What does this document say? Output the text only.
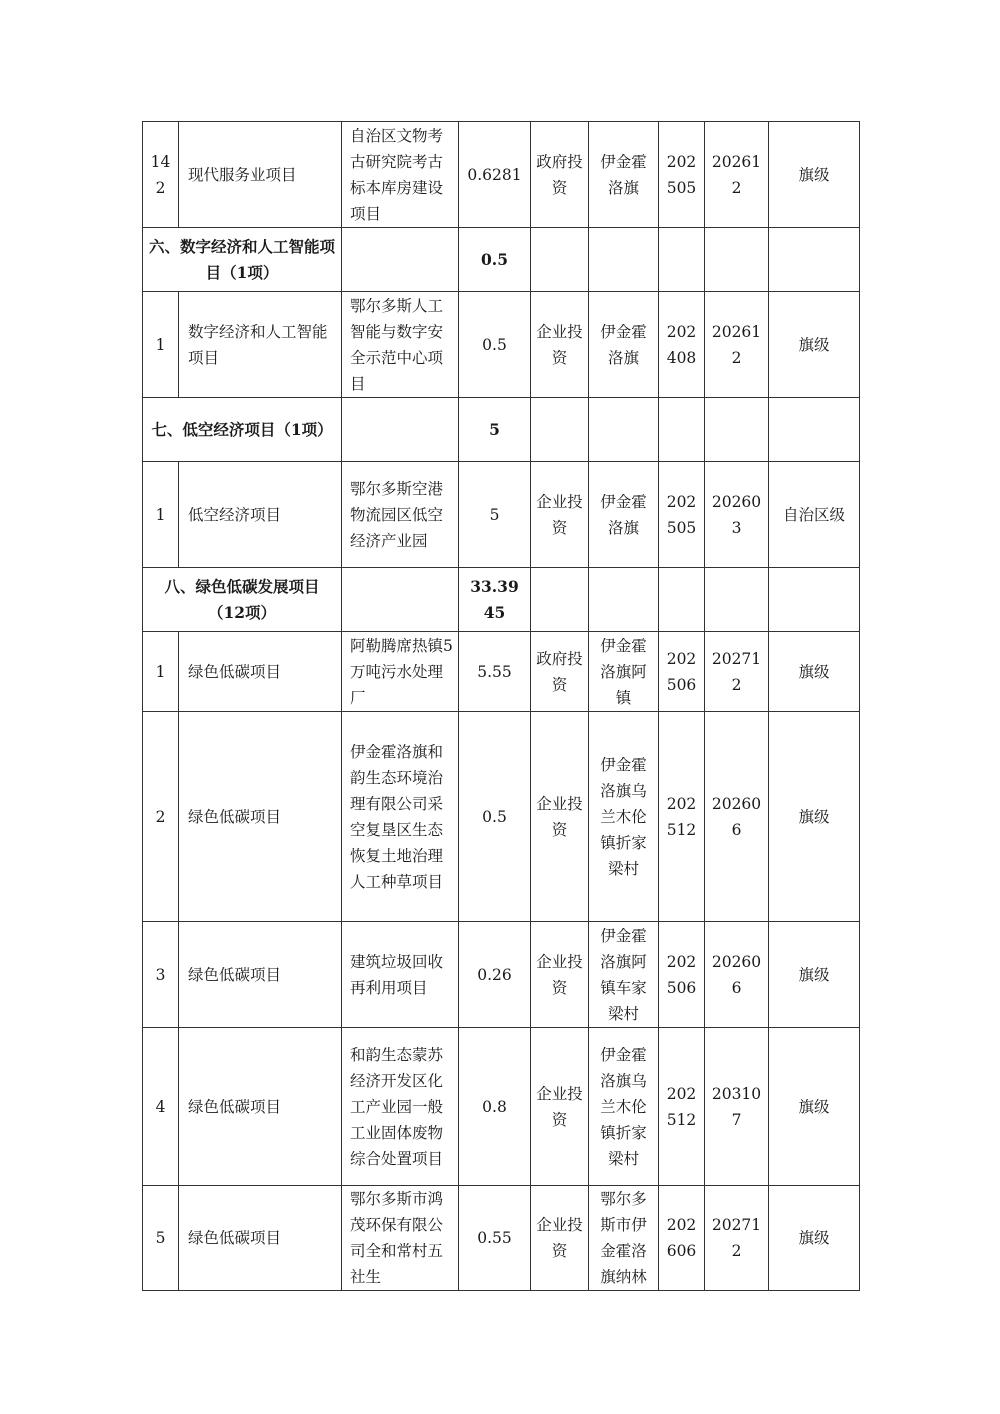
142	现代服务业项目	自治区文物考古研究院考古标本库房建设项目	0.6281	政府投资	伊金霍洛旗	202505	202612	旗级
六、数字经济和人工智能项目（1项）			0.5					
1	数字经济和人工智能项目	鄂尔多斯人工智能与数字安全示范中心项目	0.5	企业投资	伊金霍洛旗	202408	202612	旗级
七、低空经济项目（1项）			5					
1	低空经济项目	鄂尔多斯空港物流园区低空经济产业园	5	企业投资	伊金霍洛旗	202505	202603	自治区级
八、绿色低碳发展项目（12项）			33.3945					
1	绿色低碳项目	阿勒腾席热镇5万吨污水处理厂	5.55	政府投资	伊金霍洛旗阿镇	202506	202712	旗级
2	绿色低碳项目	伊金霍洛旗和韵生态环境治理有限公司采空复垦区生态恢复土地治理人工种草项目	0.5	企业投资	伊金霍洛旗乌兰木伦镇折家梁村	202512	202606	旗级
3	绿色低碳项目	建筑垃圾回收再利用项目	0.26	企业投资	伊金霍洛旗阿镇车家梁村	202506	202606	旗级
4	绿色低碳项目	和韵生态蒙苏经济开发区化工产业园一般工业固体废物综合处置项目	0.8	企业投资	伊金霍洛旗乌兰木伦镇折家梁村	202512	203107	旗级
5	绿色低碳项目	鄂尔多斯市鸿茂环保有限公司全和常村五社生	0.55	企业投资	鄂尔多斯市伊金霍洛旗纳林	202606	202712	旗级
